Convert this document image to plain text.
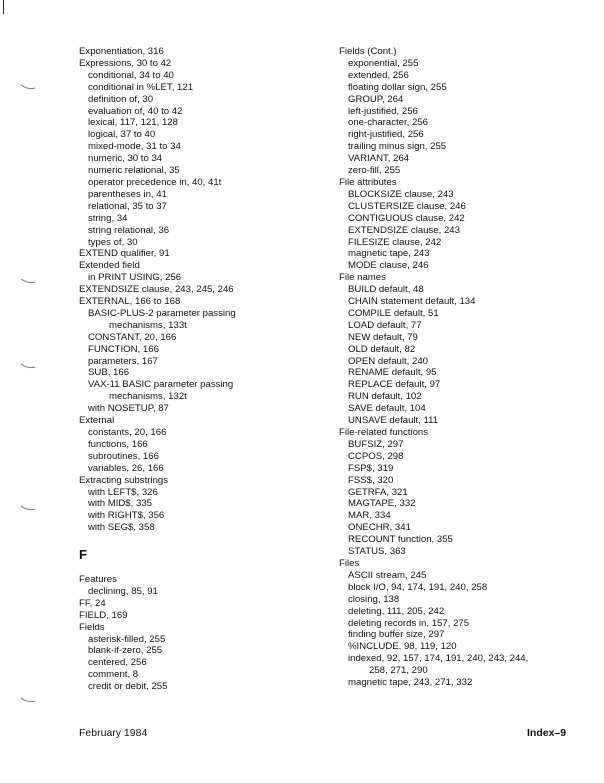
Exponentiation, 316
Expressions, 30 to 42
conditional, 34 to 40
conditional in %LET, 121
definition of, 30
evaluation of, 40 to 42
lexical, 117, 121, 128
logical, 37 to 40
mixed-mode, 31 to 34
numeric, 30 to 34
numeric relational, 35
operator precedence in, 40, 41t
parentheses in, 41
relational, 35 to 37
string, 34
string relational, 36
types of, 30
EXTEND qualifier, 91
Extended field
in PRINT USING, 256
EXTENDSIZE clause, 243, 245, 246
EXTERNAL, 166 to 168
BASIC-PLUS-2 parameter passing
mechanisms, 133t
CONSTANT, 20, 166
FUNCTION, 166
parameters, 167
SUB, 166
VAX-11 BASIC parameter passing
mechanisms, 132t
with NOSETUP, 87
External
constants, 20, 166
functions, 166
subroutines, 166
variables, 26, 166
Extracting substrings
with LEFT$, 326
with MID$, 335
with RIGHT$, 356
with SEG$, 358
F
Features
declining, 85, 91
FF, 24
FIELD, 169
Fields
asterisk-filled, 255
blank-if-zero, 255
centered, 256
comment, 8
credit or debit, 255
Fields (Cont.)
exponential, 255
extended, 256
floating dollar sign, 255
GROUP, 264
left-justified, 256
one-character, 256
right-justified, 256
trailing minus sign, 255
VARIANT, 264
zero-fill, 255
File attributes
BLOCKSIZE clause, 243
CLUSTERSIZE clause, 246
CONTIGUOUS clause, 242
EXTENDSIZE clause, 243
FILESIZE clause, 242
magnetic tape, 243
MODE clause, 246
File names
BUILD default, 48
CHAIN statement default, 134
COMPILE default, 51
LOAD default, 77
NEW default, 79
OLD default, 82
OPEN default, 240
RENAME default, 95
REPLACE default, 97
RUN default, 102
SAVE default, 104
UNSAVE default, 111
File-related functions
BUFSIZ, 297
CCPOS, 298
FSP$, 319
FSS$, 320
GETRFA, 321
MAGTAPE, 332
MAR, 334
ONECHR, 341
RECOUNT function, 355
STATUS, 363
Files
ASCII stream, 245
block I/O, 94, 174, 191, 240, 258
closing, 138
deleting, 111, 205, 242
deleting records in, 157, 275
finding buffer size, 297
%INCLUDE, 98, 119, 120
indexed, 92, 157, 174, 191, 240, 243, 244,
258, 271, 290
magnetic tape, 243, 271, 332
February 1984	Index–9
